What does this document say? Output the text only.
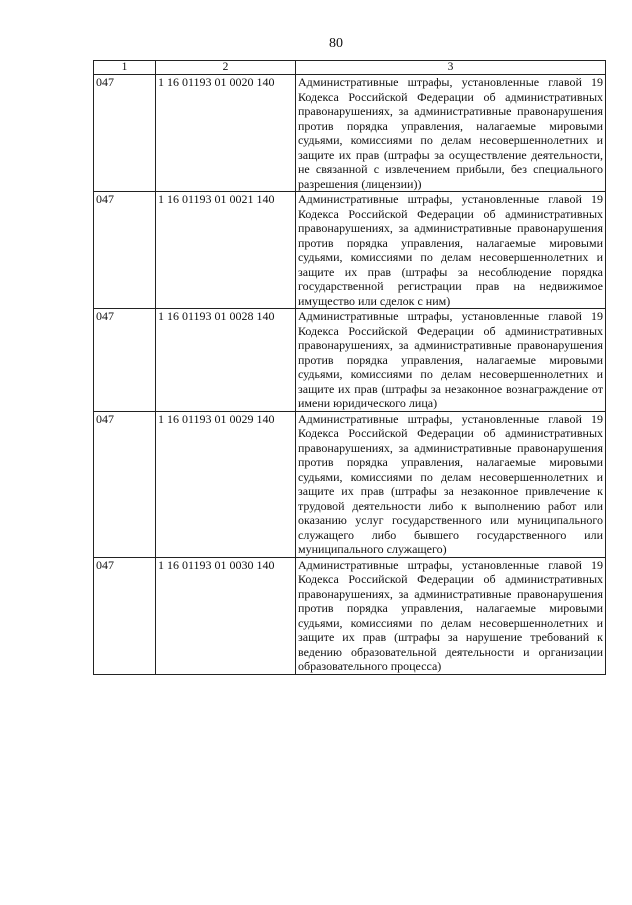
80
1	2	3
047	1 16 01193 01 0020 140	Административные штрафы, установленные главой 19 Кодекса Российской Федерации об административных правонарушениях, за административные правонарушения против порядка управления, налагаемые мировыми судьями, комиссиями по делам несовершеннолетних и защите их прав (штрафы за осуществление деятельности, не связанной с извлечением прибыли, без специального разрешения (лицензии))
047	1 16 01193 01 0021 140	Административные штрафы, установленные главой 19 Кодекса Российской Федерации об административных правонарушениях, за административные правонарушения против порядка управления, налагаемые мировыми судьями, комиссиями по делам несовершеннолетних и защите их прав (штрафы за несоблюдение порядка государственной регистрации прав на недвижимое имущество или сделок с ним)
047	1 16 01193 01 0028 140	Административные штрафы, установленные главой 19 Кодекса Российской Федерации об административных правонарушениях, за административные правонарушения против порядка управления, налагаемые мировыми судьями, комиссиями по делам несовершеннолетних и защите их прав (штрафы за незаконное вознаграждение от имени юридического лица)
047	1 16 01193 01 0029 140	Административные штрафы, установленные главой 19 Кодекса Российской Федерации об административных правонарушениях, за административные правонарушения против порядка управления, налагаемые мировыми судьями, комиссиями по делам несовершеннолетних и защите их прав (штрафы за незаконное привлечение к трудовой деятельности либо к выполнению работ или оказанию услуг государственного или муниципального служащего либо бывшего государственного или муниципального служащего)
047	1 16 01193 01 0030 140	Административные штрафы, установленные главой 19 Кодекса Российской Федерации об административных правонарушениях, за административные правонарушения против порядка управления, налагаемые мировыми судьями, комиссиями по делам несовершеннолетних и защите их прав (штрафы за нарушение требований к ведению образовательной деятельности и организации образовательного процесса)
